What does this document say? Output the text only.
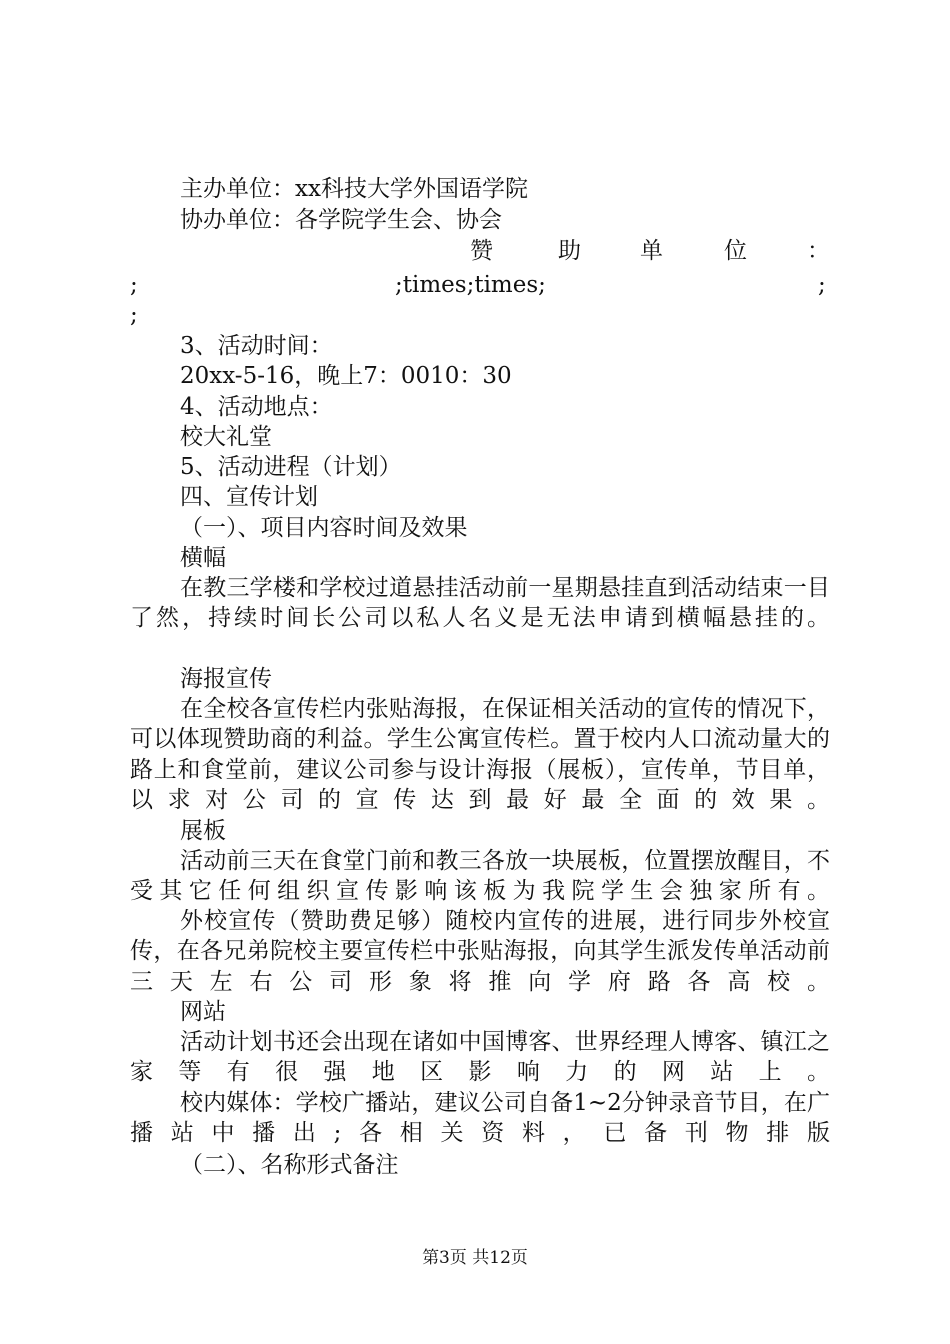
主办单位：xx科技大学外国语学院

协办单位：各学院学生会、协会

赞	助	单	位	：
;	;times;times;	;
;

3、活动时间：

20xx-5-16，晚上7：0010：30

4、活动地点：

校大礼堂

5、活动进程（计划）

四、宣传计划

（一）、项目内容时间及效果

横幅

在教三学楼和学校过道悬挂活动前一星期悬挂直到活动结束一目了然，持续时间长公司以私人名义是无法申请到横幅悬挂的。

海报宣传

在全校各宣传栏内张贴海报，在保证相关活动的宣传的情况下，可以体现赞助商的利益。学生公寓宣传栏。置于校内人口流动量大的路上和食堂前，建议公司参与设计海报（展板），宣传单，节目单，以求对公司的宣传达到最好最全面的效果。

展板

活动前三天在食堂门前和教三各放一块展板，位置摆放醒目，不受其它任何组织宣传影响该板为我院学生会独家所有。

外校宣传（赞助费足够）随校内宣传的进展，进行同步外校宣传，在各兄弟院校主要宣传栏中张贴海报，向其学生派发传单活动前三天左右公司形象将推向学府路各高校。

网站

活动计划书还会出现在诸如中国博客、世界经理人博客、镇江之家等有很强地区影响力的网站上。

校内媒体：学校广播站，建议公司自备1~2分钟录音节目，在广播站中播出;各相关资料，已备刊物排版

（二）、名称形式备注

第3页 共12页
